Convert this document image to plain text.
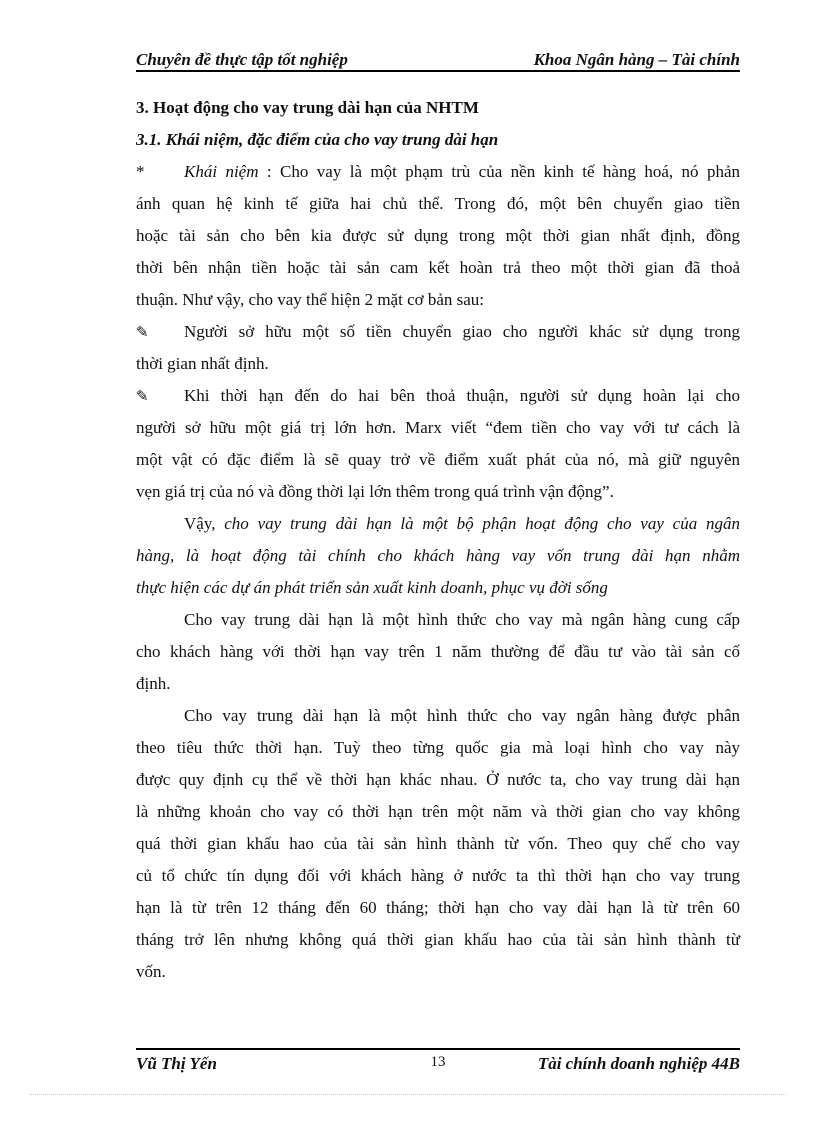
Chuyên đề thực tập tốt nghiệp	Khoa Ngân hàng – Tài chính
3. Hoạt động cho vay trung dài hạn của NHTM
3.1. Khái niệm, đặc điểm của cho vay trung dài hạn
* Khái niệm : Cho vay là một phạm trù của nền kinh tế hàng hoá, nó phản
ánh quan hệ kinh tế giữa hai chủ thể. Trong đó, một bên chuyển giao tiền
hoặc tài sản cho bên kia được sử dụng trong một thời gian nhất định, đồng
thời bên nhận tiền hoặc tài sản cam kết hoàn trả theo một thời gian đã thoả
thuận. Như vậy, cho vay thể hiện 2 mặt cơ bản sau:
✎ Người sở hữu một số tiền chuyển giao cho người khác sử dụng trong
thời gian nhất định.
✎ Khi thời hạn đến do hai bên thoả thuận, người sử dụng hoàn lại cho
người sở hữu một giá trị lớn hơn. Marx viết “đem tiền cho vay với tư cách là
một vật có đặc điểm là sẽ quay trở về điểm xuất phát của nó, mà giữ nguyên
vẹn giá trị của nó và đồng thời lại lớn thêm trong quá trình vận động”.
Vậy, cho vay trung dài hạn là một bộ phận hoạt động cho vay của ngân
hàng, là hoạt động tài chính cho khách hàng vay vốn trung dài hạn nhằm
thực hiện các dự án phát triển sản xuất kinh doanh, phục vụ đời sống
Cho vay trung dài hạn là một hình thức cho vay mà ngân hàng cung cấp
cho khách hàng với thời hạn vay trên 1 năm thường để đầu tư vào tài sản cố
định.
Cho vay trung dài hạn là một hình thức cho vay ngân hàng được phân
theo tiêu thức thời hạn. Tuỳ theo từng quốc gia mà loại hình cho vay này
được quy định cụ thể về thời hạn khác nhau. Ở nước ta, cho vay trung dài hạn
là những khoản cho vay có thời hạn trên một năm và thời gian cho vay không
quá thời gian khấu hao của tài sản hình thành từ vốn. Theo quy chế cho vay
củ tổ chức tín dụng đối với khách hàng ở nước ta thì thời hạn cho vay trung
hạn là từ trên 12 tháng đến 60 tháng; thời hạn cho vay dài hạn là từ trên 60
tháng trở lên nhưng không quá thời gian khấu hao của tài sản hình thành từ
vốn.
Vũ Thị Yến	13	Tài chính doanh nghiệp 44B
